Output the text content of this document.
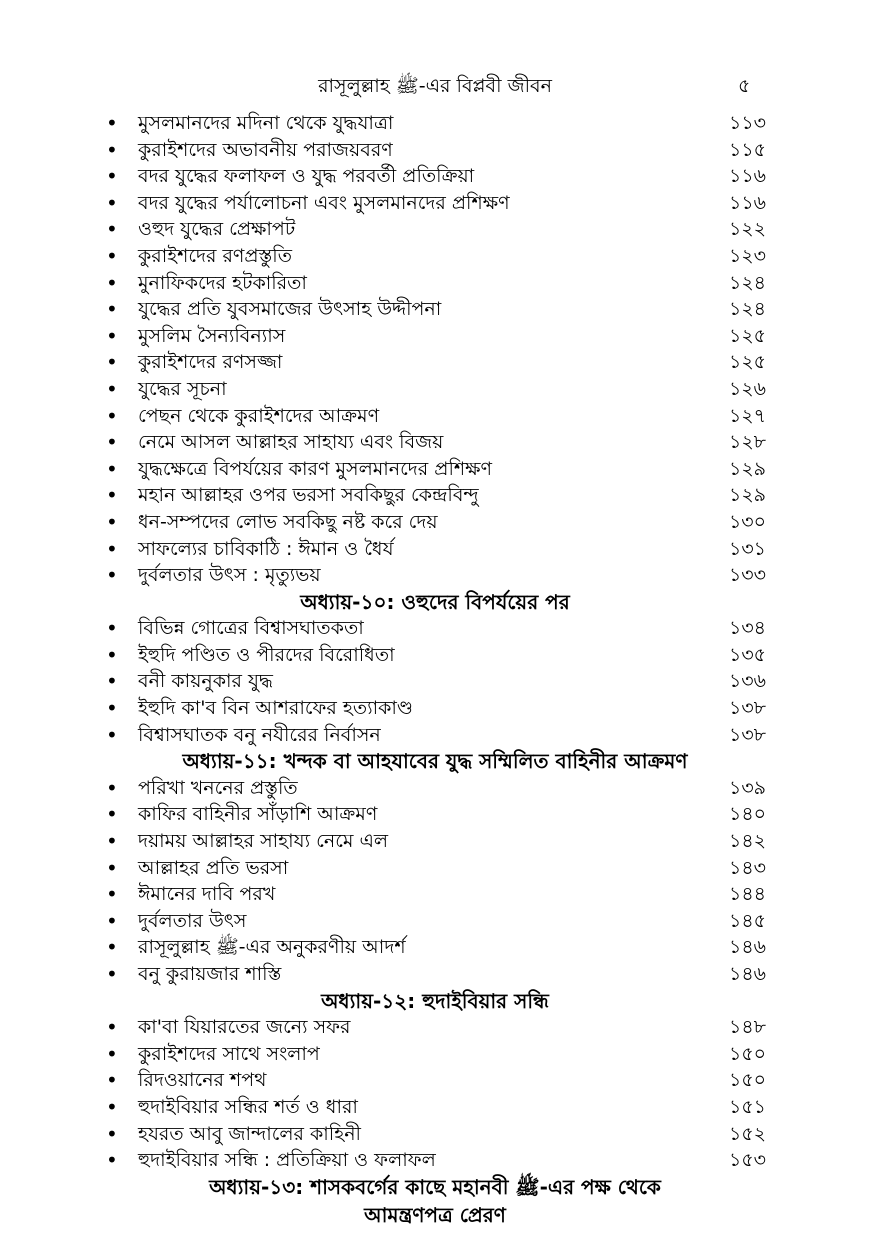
রাসূলুল্লাহ ﷺ-এর বিপ্লবী জীবন	৫
• মুসলমানদের মদিনা থেকে যুদ্ধযাত্রা	১১৩
• কুরাইশদের অভাবনীয় পরাজয়বরণ	১১৫
• বদর যুদ্ধের ফলাফল ও যুদ্ধ পরবর্তী প্রতিক্রিয়া	১১৬
• বদর যুদ্ধের পর্যালোচনা এবং মুসলমানদের প্রশিক্ষণ	১১৬
• ওহুদ যুদ্ধের প্রেক্ষাপট	১২২
• কুরাইশদের রণপ্রস্তুতি	১২৩
• মুনাফিকদের হটকারিতা	১২৪
• যুদ্ধের প্রতি যুবসমাজের উৎসাহ উদ্দীপনা	১২৪
• মুসলিম সৈন্যবিন্যাস	১২৫
• কুরাইশদের রণসজ্জা	১২৫
• যুদ্ধের সূচনা	১২৬
• পেছন থেকে কুরাইশদের আক্রমণ	১২৭
• নেমে আসল আল্লাহর সাহায্য এবং বিজয়	১২৮
• যুদ্ধক্ষেত্রে বিপর্যয়ের কারণ মুসলমানদের প্রশিক্ষণ	১২৯
• মহান আল্লাহর ওপর ভরসা সবকিছুর কেন্দ্রবিন্দু	১২৯
• ধন-সম্পদের লোভ সবকিছু নষ্ট করে দেয়	১৩০
• সাফল্যের চাবিকাঠি : ঈমান ও ধৈর্য	১৩১
• দুর্বলতার উৎস : মৃত্যুভয়	১৩৩
অধ্যায়-১০: ওহুদের বিপর্যয়ের পর
• বিভিন্ন গোত্রের বিশ্বাসঘাতকতা	১৩৪
• ইহুদি পণ্ডিত ও পীরদের বিরোধিতা	১৩৫
• বনী কায়নুকার যুদ্ধ	১৩৬
• ইহুদি কা'ব বিন আশরাফের হত্যাকাণ্ড	১৩৮
• বিশ্বাসঘাতক বনু নযীরের নির্বাসন	১৩৮
অধ্যায়-১১: খন্দক বা আহযাবের যুদ্ধ সম্মিলিত বাহিনীর আক্রমণ
• পরিখা খননের প্রস্তুতি	১৩৯
• কাফির বাহিনীর সাঁড়াশি আক্রমণ	১৪০
• দয়াময় আল্লাহর সাহায্য নেমে এল	১৪২
• আল্লাহর প্রতি ভরসা	১৪৩
• ঈমানের দাবি পরখ	১৪৪
• দুর্বলতার উৎস	১৪৫
• রাসূলুল্লাহ ﷺ-এর অনুকরণীয় আদর্শ	১৪৬
• বনু কুরায়জার শাস্তি	১৪৬
অধ্যায়-১২: হুদাইবিয়ার সন্ধি
• কা'বা যিয়ারতের জন্যে সফর	১৪৮
• কুরাইশদের সাথে সংলাপ	১৫০
• রিদওয়ানের শপথ	১৫০
• হুদাইবিয়ার সন্ধির শর্ত ও ধারা	১৫১
• হযরত আবু জান্দালের কাহিনী	১৫২
• হুদাইবিয়ার সন্ধি : প্রতিক্রিয়া ও ফলাফল	১৫৩
অধ্যায়-১৩: শাসকবর্গের কাছে মহানবী ﷺ-এর পক্ষ থেকে
আমন্ত্রণপত্র প্রেরণ
